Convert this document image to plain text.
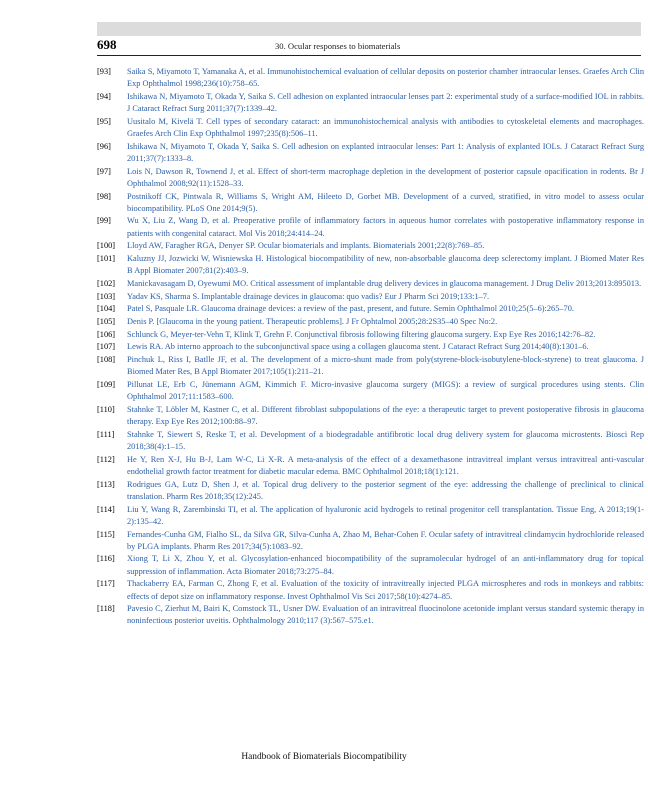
698	30. Ocular responses to biomaterials
[93] Saika S, Miyamoto T, Yamanaka A, et al. Immunohistochemical evaluation of cellular deposits on posterior chamber intraocular lenses. Graefes Arch Clin Exp Ophthalmol 1998;236(10):758–65.
[94] Ishikawa N, Miyamoto T, Okada Y, Saika S. Cell adhesion on explanted intraocular lenses part 2: experimental study of a surface-modified IOL in rabbits. J Cataract Refract Surg 2011;37(7):1339–42.
[95] Uusitalo M, Kivelä T. Cell types of secondary cataract: an immunohistochemical analysis with antibodies to cytoskeletal elements and macrophages. Graefes Arch Clin Exp Ophthalmol 1997;235(8):506–11.
[96] Ishikawa N, Miyamoto T, Okada Y, Saika S. Cell adhesion on explanted intraocular lenses: Part 1: Analysis of explanted IOLs. J Cataract Refract Surg 2011;37(7):1333–8.
[97] Lois N, Dawson R, Townend J, et al. Effect of short-term macrophage depletion in the development of posterior capsule opacification in rodents. Br J Ophthalmol 2008;92(11):1528–33.
[98] Postnikoff CK, Pintwala R, Williams S, Wright AM, Hileeto D, Gorbet MB. Development of a curved, stratified, in vitro model to assess ocular biocompatibility. PLoS One 2014;9(5).
[99] Wu X, Liu Z, Wang D, et al. Preoperative profile of inflammatory factors in aqueous humor correlates with postoperative inflammatory response in patients with congenital cataract. Mol Vis 2018;24:414–24.
[100] Lloyd AW, Faragher RGA, Denyer SP. Ocular biomaterials and implants. Biomaterials 2001;22(8):769–85.
[101] Kaluzny JJ, Jozwicki W, Wisniewska H. Histological biocompatibility of new, non-absorbable glaucoma deep sclerectomy implant. J Biomed Mater Res B Appl Biomater 2007;81(2):403–9.
[102] Manickavasagam D, Oyewumi MO. Critical assessment of implantable drug delivery devices in glaucoma management. J Drug Deliv 2013;2013:895013.
[103] Yadav KS, Sharma S. Implantable drainage devices in glaucoma: quo vadis? Eur J Pharm Sci 2019;133:1–7.
[104] Patel S, Pasquale LR. Glaucoma drainage devices: a review of the past, present, and future. Semin Ophthalmol 2010;25(5–6):265–70.
[105] Denis P. [Glaucoma in the young patient. Therapeutic problems]. J Fr Ophtalmol 2005;28:2S35–40 Spec No:2.
[106] Schlunck G, Meyer-ter-Vehn T, Klink T, Grehn F. Conjunctival fibrosis following filtering glaucoma surgery. Exp Eye Res 2016;142:76–82.
[107] Lewis RA. Ab interno approach to the subconjunctival space using a collagen glaucoma stent. J Cataract Refract Surg 2014;40(8):1301–6.
[108] Pinchuk L, Riss I, Batlle JF, et al. The development of a micro-shunt made from poly(styrene-block-isobutylene-block-styrene) to treat glaucoma. J Biomed Mater Res, B Appl Biomater 2017;105(1):211–21.
[109] Pillunat LE, Erb C, Jünemann AGM, Kimmich F. Micro-invasive glaucoma surgery (MIGS): a review of surgical procedures using stents. Clin Ophthalmol 2017;11:1583–600.
[110] Stahnke T, Löbler M, Kastner C, et al. Different fibroblast subpopulations of the eye: a therapeutic target to prevent postoperative fibrosis in glaucoma therapy. Exp Eye Res 2012;100:88–97.
[111] Stahnke T, Siewert S, Reske T, et al. Development of a biodegradable antifibrotic local drug delivery system for glaucoma microstents. Biosci Rep 2018;38(4):1–15.
[112] He Y, Ren X-J, Hu B-J, Lam W-C, Li X-R. A meta-analysis of the effect of a dexamethasone intravitreal implant versus intravitreal anti-vascular endothelial growth factor treatment for diabetic macular edema. BMC Ophthalmol 2018;18(1):121.
[113] Rodrigues GA, Lutz D, Shen J, et al. Topical drug delivery to the posterior segment of the eye: addressing the challenge of preclinical to clinical translation. Pharm Res 2018;35(12):245.
[114] Liu Y, Wang R, Zarembinski TI, et al. The application of hyaluronic acid hydrogels to retinal progenitor cell transplantation. Tissue Eng, A 2013;19(1-2):135–42.
[115] Fernandes-Cunha GM, Fialho SL, da Silva GR, Silva-Cunha A, Zhao M, Behar-Cohen F. Ocular safety of intravitreal clindamycin hydrochloride released by PLGA implants. Pharm Res 2017;34(5):1083–92.
[116] Xiong T, Li X, Zhou Y, et al. Glycosylation-enhanced biocompatibility of the supramolecular hydrogel of an anti-inflammatory drug for topical suppression of inflammation. Acta Biomater 2018;73:275–84.
[117] Thackaberry EA, Farman C, Zhong F, et al. Evaluation of the toxicity of intravitreally injected PLGA microspheres and rods in monkeys and rabbits: effects of depot size on inflammatory response. Invest Ophthalmol Vis Sci 2017;58(10):4274–85.
[118] Pavesio C, Zierhut M, Bairi K, Comstock TL, Usner DW. Evaluation of an intravitreal fluocinolone acetonide implant versus standard systemic therapy in noninfectious posterior uveitis. Ophthalmology 2010;117 (3):567–575.e1.
Handbook of Biomaterials Biocompatibility
